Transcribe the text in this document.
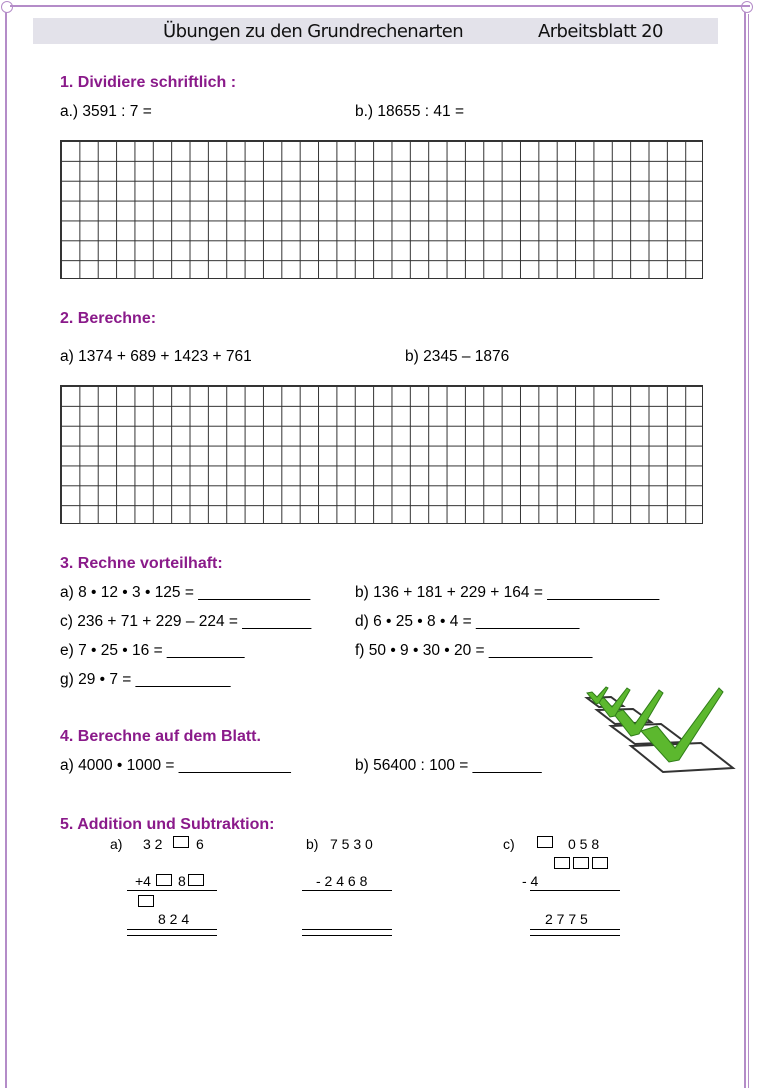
Übungen zu den Grundrechenarten	Arbeitsblatt 20
1. Dividiere schriftlich :
a.) 3591 : 7 =	b.) 18655 : 41 =
2. Berechne:
a) 1374 + 689 + 1423 + 761	b) 2345 – 1876
3. Rechne vorteilhaft:
a) 8 • 12 • 3 • 125 = _____________	b) 136 + 181 + 229 + 164 = _____________
c) 236 + 71 + 229 – 224 = ________	d) 6 • 25 • 8 • 4 = ____________
e) 7 • 25 • 16 = _________	f) 50 • 9 • 30 • 20 = ____________
g) 29 • 7 = ___________
4. Berechne auf dem Blatt.
a) 4000 • 1000 = _____________	b) 56400 : 100 = ________
5. Addition und Subtraktion:
a) 3 2 6
+4 8
8 2 4
b) 7 5 3 0
- 2 4 6 8
c)	0 5 8
- 4
2 7 7 5
